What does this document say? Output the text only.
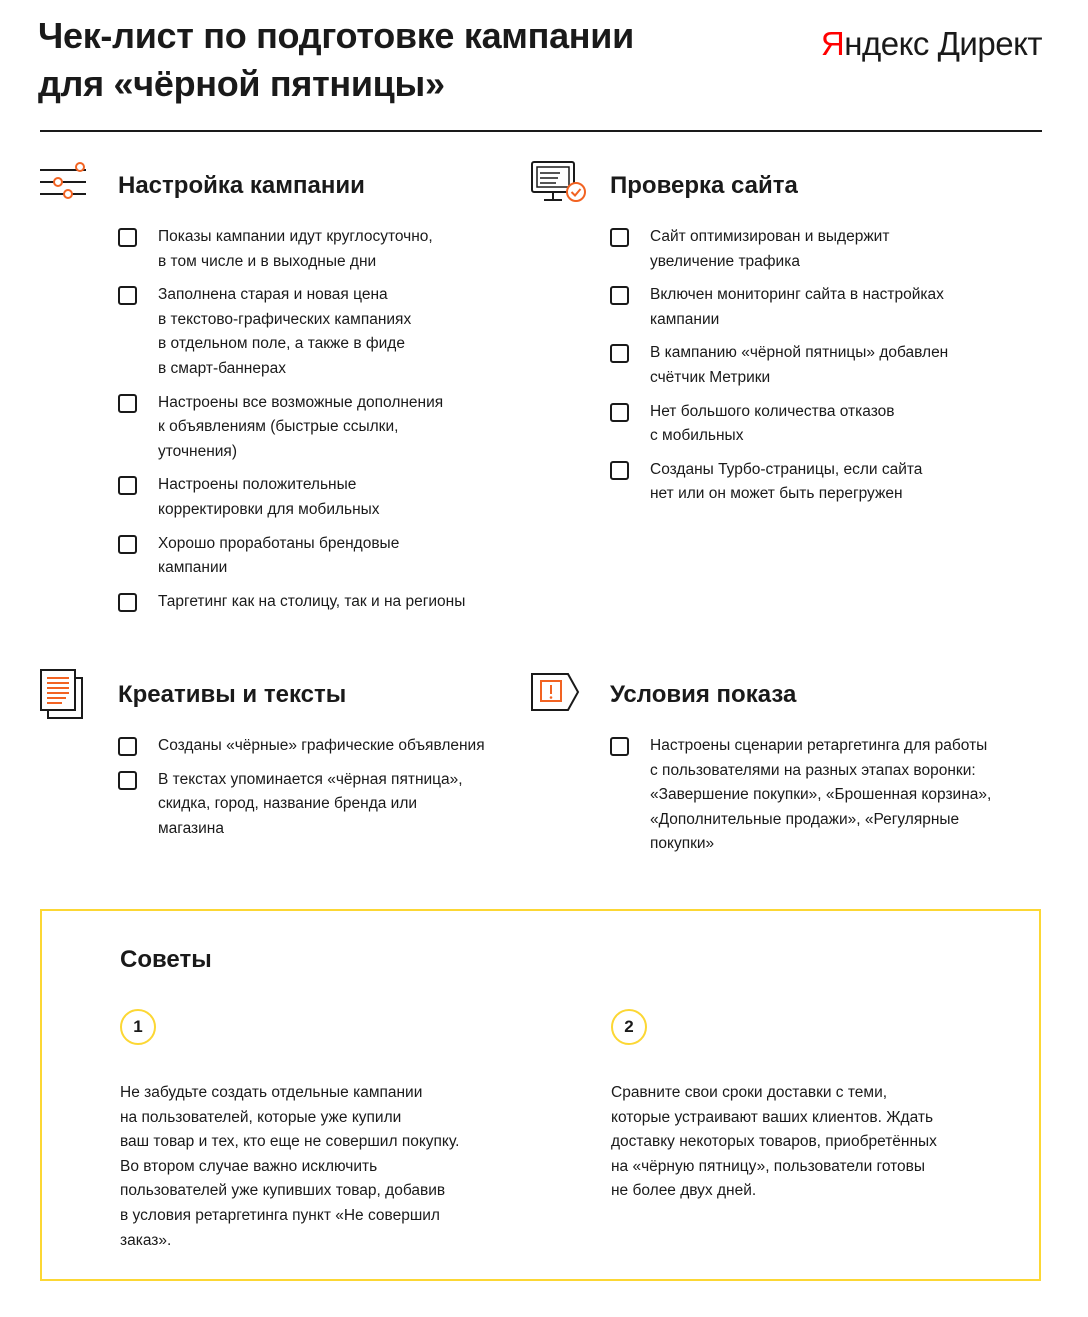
Чек-лист по подготовке кампании
для «чёрной пятницы»
Яндекс Директ
Настройка кампании
Показы кампании идут круглосуточно,
в том числе и в выходные дни
Заполнена старая и новая цена
в текстово-графических кампаниях
в отдельном поле, а также в фиде
в смарт-баннерах
Настроены все возможные дополнения
к объявлениям (быстрые ссылки,
уточнения)
Настроены положительные
корректировки для мобильных
Хорошо проработаны брендовые
кампании
Таргетинг как на столицу, так и на регионы
Проверка сайта
Сайт оптимизирован и выдержит
увеличение трафика
Включен мониторинг сайта в настройках
кампании
В кампанию «чёрной пятницы» добавлен
счётчик Метрики
Нет большого количества отказов
с мобильных
Созданы Турбо-страницы, если сайта
нет или он может быть перегружен
Креативы и тексты
Созданы «чёрные» графические объявления
В текстах упоминается «чёрная пятница»,
скидка, город, название бренда или
магазина
Условия показа
Настроены сценарии ретаргетинга для работы
с пользователями на разных этапах воронки:
«Завершение покупки», «Брошенная корзина»,
«Дополнительные продажи», «Регулярные
покупки»
Советы
1
Не забудьте создать отдельные кампании
на пользователей, которые уже купили
ваш товар и тех, кто еще не совершил покупку.
Во втором случае важно исключить
пользователей уже купивших товар, добавив
в условия ретаргетинга пункт «Не совершил
заказ».
2
Сравните свои сроки доставки с теми,
которые устраивают ваших клиентов. Ждать
доставку некоторых товаров, приобретённых
на «чёрную пятницу», пользователи готовы
не более двух дней.
